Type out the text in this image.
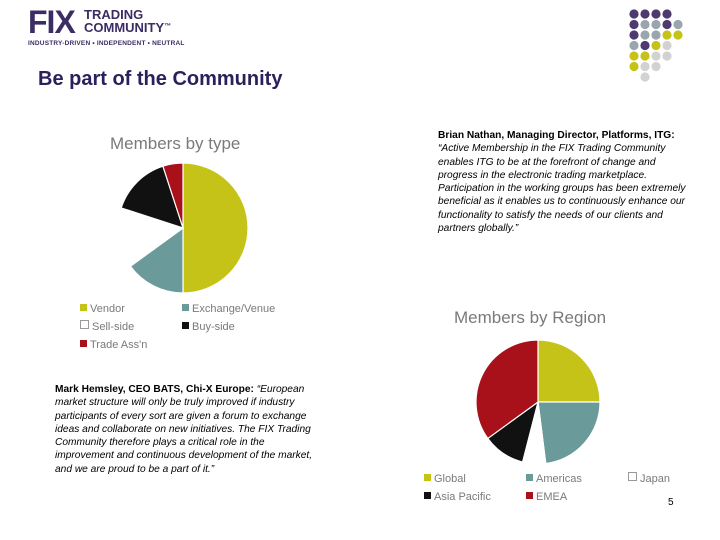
FIX TRADING
COMMUNITY™
INDUSTRY-DRIVEN • INDEPENDENT • NEUTRAL
Be part of the Community
Members by type
Vendor	Exchange/Venue
Sell-side	Buy-side
Trade Ass'n
Members by Region
Global	Americas	Japan
Asia Pacific	EMEA
Brian Nathan, Managing Director, Platforms, ITG: “Active Membership in the FIX Trading Community enables ITG to be at the forefront of change and progress in the electronic trading marketplace. Participation in the working groups has been extremely beneficial as it enables us to continuously enhance our functionality to satisfy the needs of our clients and partners globally.”
Mark Hemsley, CEO BATS, Chi-X Europe: “European market structure will only be truly improved if industry participants of every sort are given a forum to exchange ideas and collaborate on new initiatives. The FIX Trading Community therefore plays a critical role in the improvement and continuous development of the market, and we are proud to be a part of it.”
5
